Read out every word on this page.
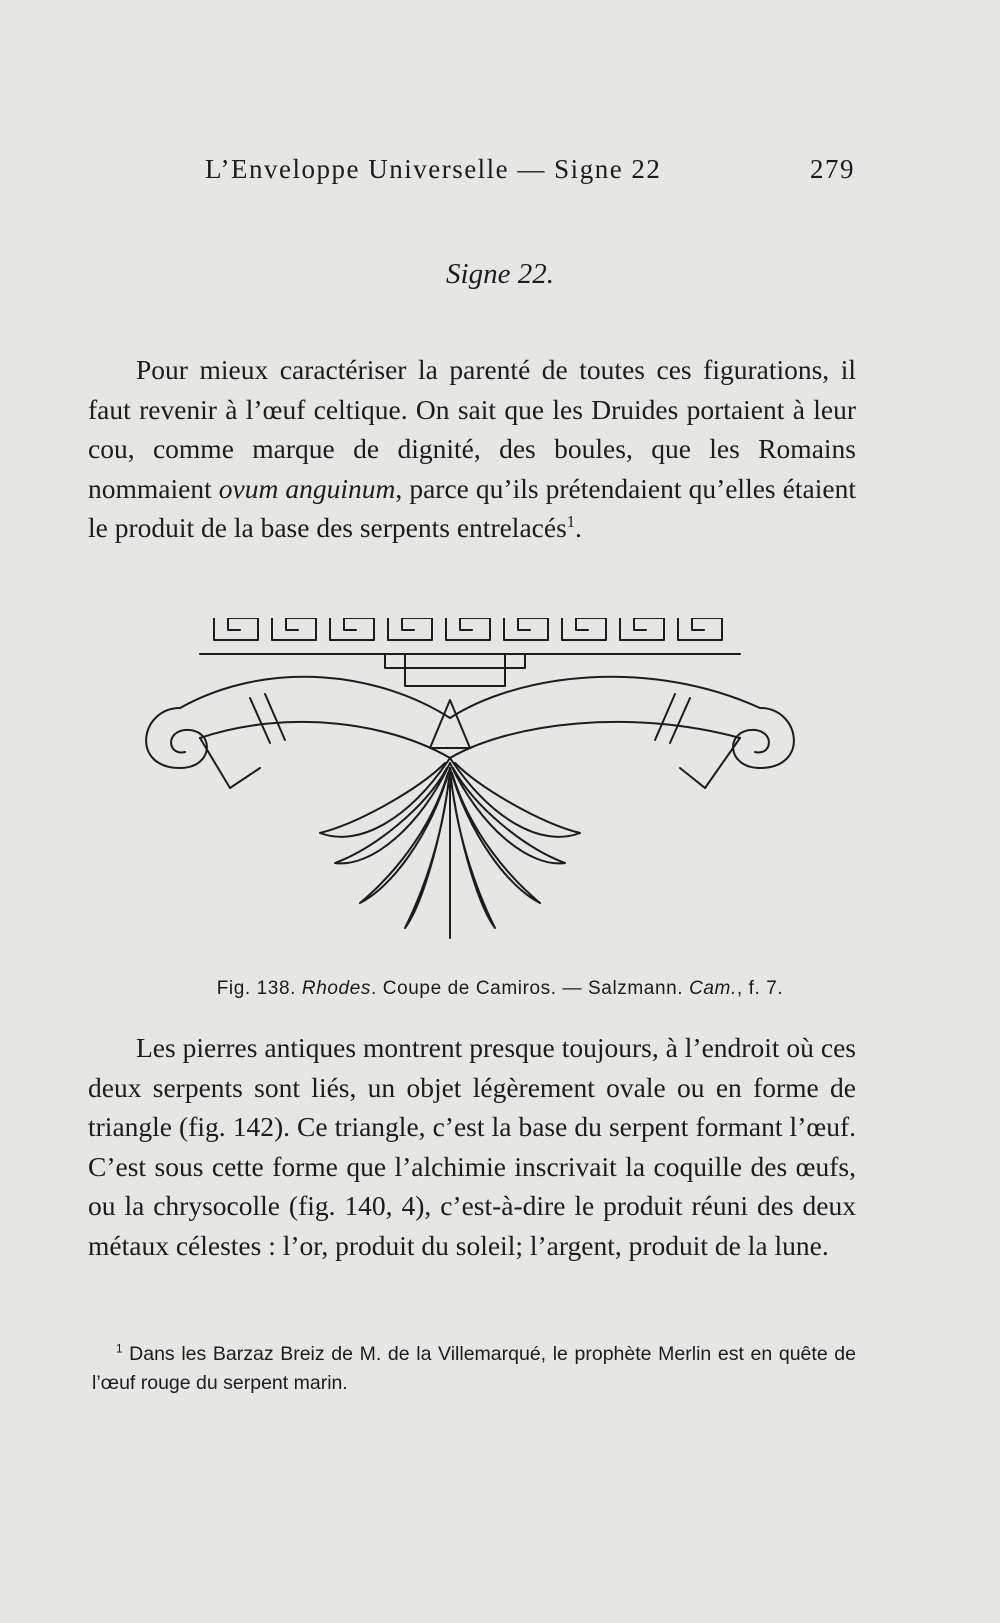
L’Enveloppe Universelle — Signe 22	279
Signe 22.

Pour mieux caractériser la parenté de toutes ces figurations, il faut revenir à l’œuf celtique. On sait que les Druides portaient à leur cou, comme marque de dignité, des boules, que les Romains nommaient ovum anguinum, parce qu’ils prétendaient qu’elles étaient le produit de la base des serpents entrelacés$^1$.

Fig. 138. Rhodes. Coupe de Camiros. — Salzmann. Cam., f. 7.

Les pierres antiques montrent presque toujours, à l’endroit où ces deux serpents sont liés, un objet légèrement ovale ou en forme de triangle (fig. 142). Ce triangle, c’est la base du serpent formant l’œuf. C’est sous cette forme que l’alchimie inscrivait la coquille des œufs, ou la chrysocolle (fig. 140, 4), c’est-à-dire le produit réuni des deux métaux célestes : l’or, produit du soleil; l’argent, produit de la lune.

$^1$ Dans les Barzaz Breiz de M. de la Villemarqué, le prophète Merlin est en quête de l’œuf rouge du serpent marin.
